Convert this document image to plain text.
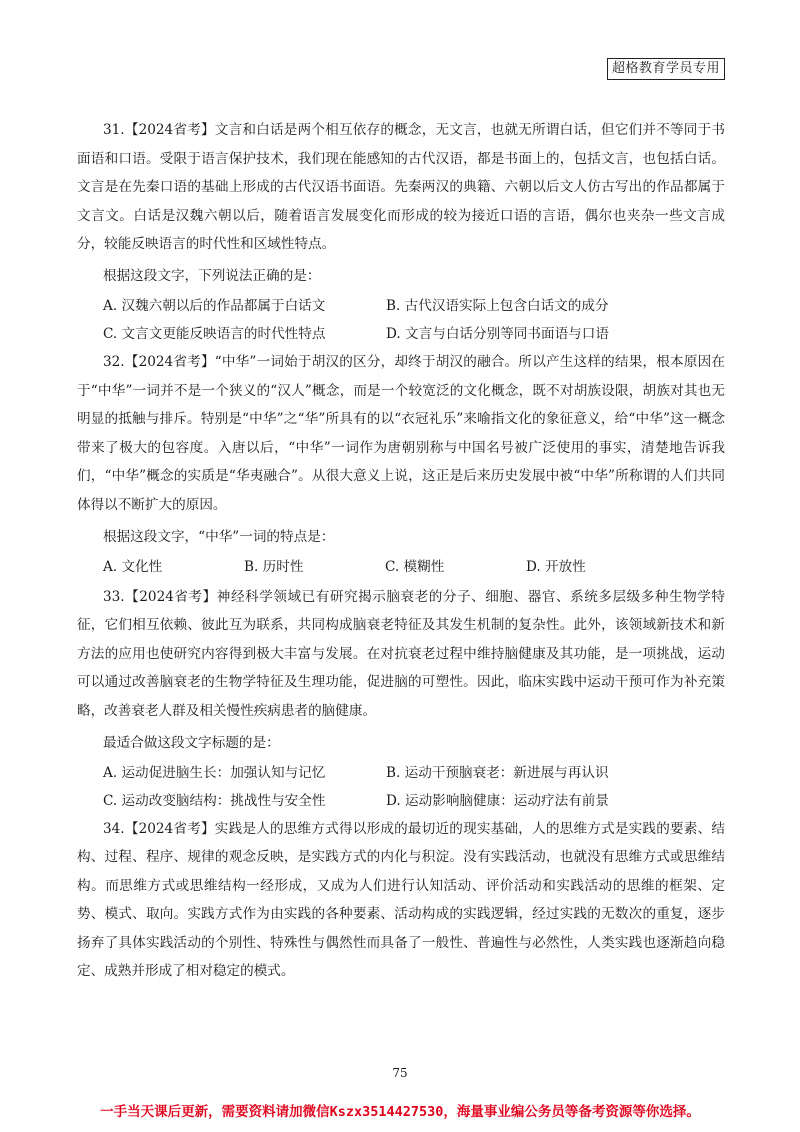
超格教育学员专用

31.【2024省考】文言和白话是两个相互依存的概念，无文言，也就无所谓白话，但它们并不等同于书面语和口语。受限于语言保护技术，我们现在能感知的古代汉语，都是书面上的，包括文言，也包括白话。文言是在先秦口语的基础上形成的古代汉语书面语。先秦两汉的典籍、六朝以后文人仿古写出的作品都属于文言文。白话是汉魏六朝以后，随着语言发展变化而形成的较为接近口语的言语，偶尔也夹杂一些文言成分，较能反映语言的时代性和区域性特点。

根据这段文字，下列说法正确的是：

A. 汉魏六朝以后的作品都属于白话文	B. 古代汉语实际上包含白话文的成分
C. 文言文更能反映语言的时代性特点	D. 文言与白话分别等同书面语与口语

32.【2024省考】“中华”一词始于胡汉的区分，却终于胡汉的融合。所以产生这样的结果，根本原因在于“中华”一词并不是一个狭义的“汉人”概念，而是一个较宽泛的文化概念，既不对胡族设限，胡族对其也无明显的抵触与排斥。特别是“中华”之“华”所具有的以“衣冠礼乐”来喻指文化的象征意义，给“中华”这一概念带来了极大的包容度。入唐以后，“中华”一词作为唐朝别称与中国名号被广泛使用的事实，清楚地告诉我们，“中华”概念的实质是“华夷融合”。从很大意义上说，这正是后来历史发展中被“中华”所称谓的人们共同体得以不断扩大的原因。

根据这段文字，“中华”一词的特点是：

A. 文化性	B. 历时性	C. 模糊性	D. 开放性

33.【2024省考】神经科学领域已有研究揭示脑衰老的分子、细胞、器官、系统多层级多种生物学特征，它们相互依赖、彼此互为联系，共同构成脑衰老特征及其发生机制的复杂性。此外，该领域新技术和新方法的应用也使研究内容得到极大丰富与发展。在对抗衰老过程中维持脑健康及其功能，是一项挑战，运动可以通过改善脑衰老的生物学特征及生理功能，促进脑的可塑性。因此，临床实践中运动干预可作为补充策略，改善衰老人群及相关慢性疾病患者的脑健康。

最适合做这段文字标题的是：

A. 运动促进脑生长：加强认知与记忆	B. 运动干预脑衰老：新进展与再认识
C. 运动改变脑结构：挑战性与安全性	D. 运动影响脑健康：运动疗法有前景

34.【2024省考】实践是人的思维方式得以形成的最切近的现实基础，人的思维方式是实践的要素、结构、过程、程序、规律的观念反映，是实践方式的内化与积淀。没有实践活动，也就没有思维方式或思维结构。而思维方式或思维结构一经形成，又成为人们进行认知活动、评价活动和实践活动的思维的框架、定势、模式、取向。实践方式作为由实践的各种要素、活动构成的实践逻辑，经过实践的无数次的重复，逐步扬弃了具体实践活动的个别性、特殊性与偶然性而具备了一般性、普遍性与必然性，人类实践也逐渐趋向稳定、成熟并形成了相对稳定的模式。

75
一手当天课后更新，需要资料请加微信Kszx3514427530，海量事业编公务员等备考资源等你选择。
